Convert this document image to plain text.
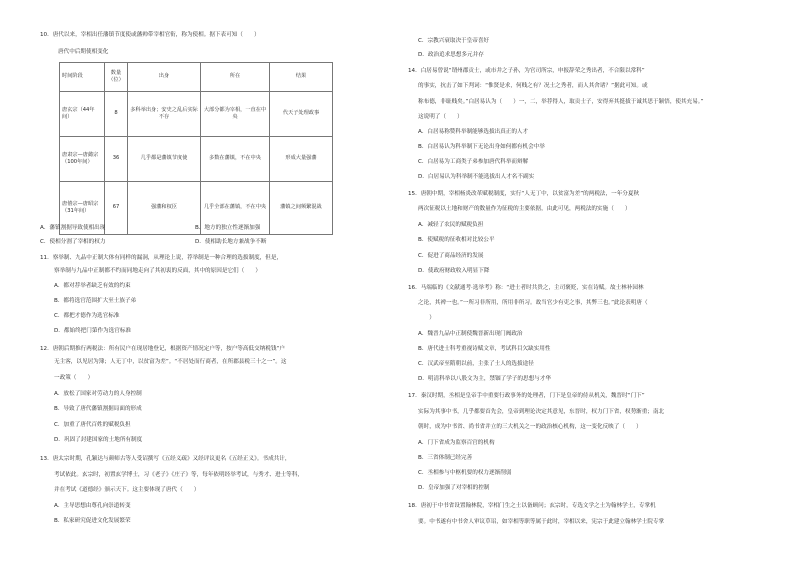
10．唐代以来，宰相出任藩镇节度使或藩帅带宰相官衔，称为使相。据下表可知（　　）
唐代中后期使相变化
时间阶段	数量（位）	出身	所在	结果
唐玄宗（44年间）	8	多科举出身；安史之乱后实际不存	大部分都为宰相，一直在中央	代天子处理政事
唐肃宗—唐懿宗（100年间）	36	几乎都是藩镇节度使	多数在藩镇，不在中央	形成大量强藩
唐僖宗—唐昭宗（31年间）	67	强藩和权臣	几乎全部在藩镇，不在中央	藩镇之间频繁混战
A．藩镇割据导致使相出现	B．地方的独立性逐渐加强
C．使相分割了宰相的权力	D．使相助长地方兼战争不断
11．察举制、九品中正制大体有同样的漏洞，从理论上说，荐举制是一种合理的选拔制度，但是，
察举制与九品中正制都不约而同地走向了其初衷的反面，其中的原因是它们（　　）
A．都对荐举者缺乏有效的约束
B．都将选官范围扩大至士族子弟
C．都把才德作为选官标准
D．都始终把门第作为选官标准
12．唐朝后期推行两税法：所有民户在现居地登记，根据资产情况定户等，按户等高低交纳税钱“户
无主客，以见居为簿；人无丁中，以贫富为差”。“不居处而行商者，在所郡县税三十之一”。这
一政策（　　）
A．放松了国家对劳动力的人身控制
B．导致了唐代藩镇割据局面的形成
C．加重了唐代百姓的赋税负担
D．巩固了封建国家的土地所有制度
13．唐太宗时期，孔颖达与颜师古等人受诏撰写《五经义疏》又经评议更名《五经正义》。书成共计，
考试依此。玄宗时，初置玄学博士，习《老子》《庄子》等，每年依明经举考试，与秀才、进士等科，
并在考试《道德经》颁示天下。这主要体现了唐代（　　）
A．主导思想由尊孔向崇道转变
B．私家研究促进文化发展繁荣
C．宗教兴衰取决于皇帝喜好
D．政治追求思想多元并存
14．白居易曾说“谓州郡贡士，或市井之子孙，为官司所宗，申报辞荣之秀出者，不合限以常科”
的事实，抗击了如下判词：“惟贤是求，何贱之有？况士之秀者，而人其舍诸？”据此可知。或
称布德，非耻贱矣。”白居易认为（　　）一，二，举荐得人，取贡士子，安得弃其挺拔于诚其思于颖悟，使其充易。”
这说明了（　　）
A．白居易称赞科举制能够选拔出真正的人才
B．白居易认为科举制下无论出身如何都有机会中举
C．白居易为工商类子弟参加唐代科举而辩解
D．白居易认为科举制不能选拔出人才名不副实
15．唐朝中期，宰相杨炎改革赋税制度，实行“人无丁中，以贫富为差”的两税法，一年分夏秋
两次征税以土地和财产的数量作为征税的主要依据，由此可见，两税法的实施（　　）
A．减轻了农民的赋税负担
B．使赋税的征收相对比较公平
C．促进了商品经济的发展
D．使政府财政收入明显下降
16．马端临的《文献通考·选举考》称：“进士者时共贵之，主司褒贬，实在诗赋。故士林补园林
之论，其裨一也。”一所习非所用，所用非所习。故当官少有吏之事，其弊三也。”此论表明唐（
　　）
A．魏晋九品中正制使魏晋新出现门阀政治
B．唐代进士科考重视诗赋文章，考试科目欠缺实用性
C．汉武帝至隋朝以前，主张了士人的选拔途径
D．明清科举以八股文为主，禁锢了学子的思想与才华
17．秦汉时期，丞相是皇帝手中重要行政事务的处理者，门下是皇帝的侍从机关，魏晋时“门下”
实际为其事中书，几乎都要首先会，皇帝到理论决定其意见，东晋时，权力门下省，权势渐重；南北
朝时，成为中书省、尚书省并立的三大机关之一的政治核心机构，这一变化反映了（　　）
A．门下省成为监察百官的机构
B．三省体制已经完善
C．丞相参与中枢机要的权力逐渐削弱
D．皇帝加强了对宰相的控制
18．唐初于中书省设置翰林院，宰相门生之士以备顾问；玄宗时，专选文学之士为翰林学士，专掌机
要。中书遂有中书舍人审议草诏，如宰相等职等属于此时，宰相以来，宪宗于此建立翰林学士院专掌
